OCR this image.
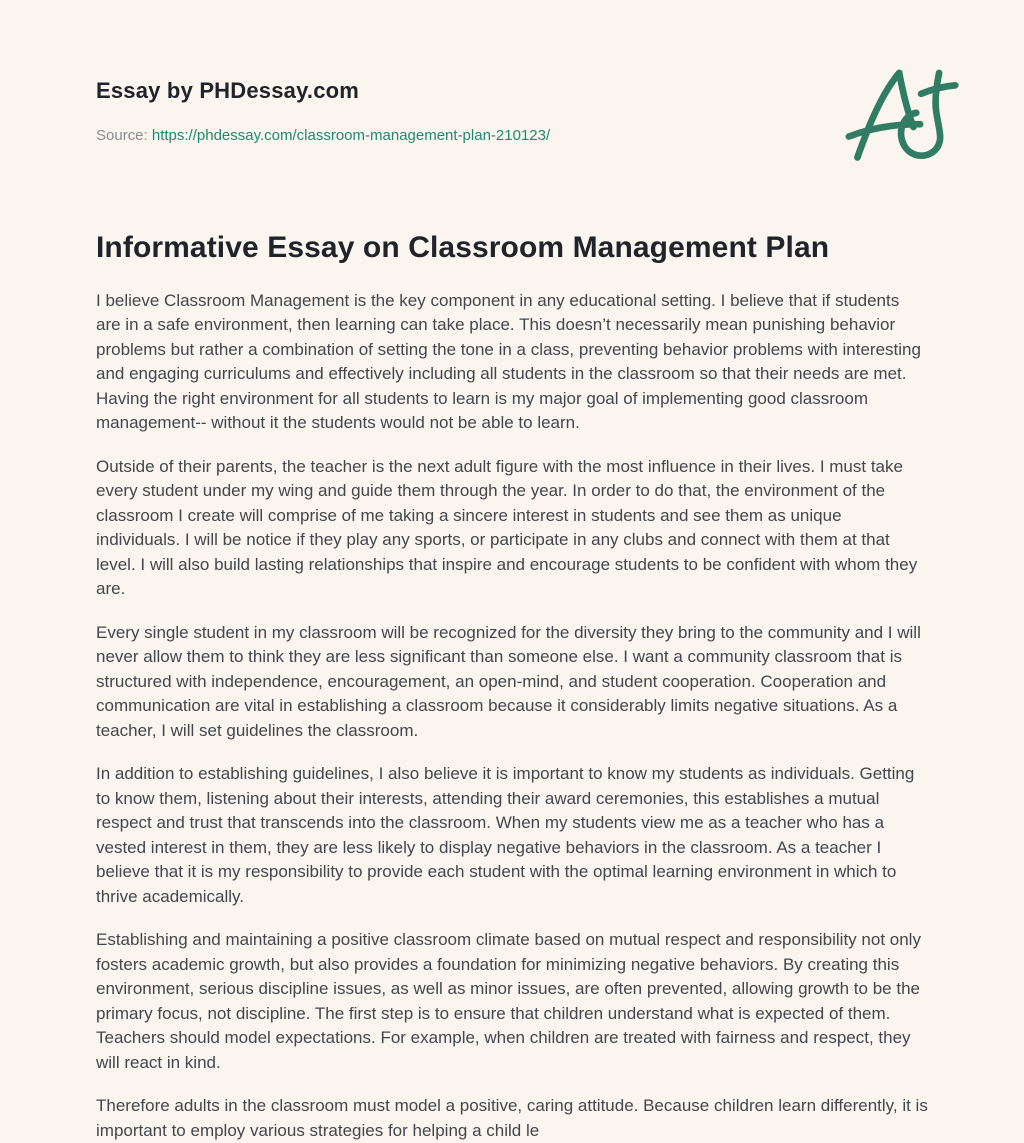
Essay by PHDessay.com

Source: https://phdessay.com/classroom-management-plan-210123/

Informative Essay on Classroom Management Plan

I believe Classroom Management is the key component in any educational setting. I believe that if students are in a safe environment, then learning can take place. This doesn’t necessarily mean punishing behavior problems but rather a combination of setting the tone in a class, preventing behavior problems with interesting and engaging curriculums and effectively including all students in the classroom so that their needs are met. Having the right environment for all students to learn is my major goal of implementing good classroom management-- without it the students would not be able to learn.

Outside of their parents, the teacher is the next adult figure with the most influence in their lives. I must take every student under my wing and guide them through the year. In order to do that, the environment of the classroom I create will comprise of me taking a sincere interest in students and see them as unique individuals. I will be notice if they play any sports, or participate in any clubs and connect with them at that level. I will also build lasting relationships that inspire and encourage students to be confident with whom they are.

Every single student in my classroom will be recognized for the diversity they bring to the community and I will never allow them to think they are less significant than someone else. I want a community classroom that is structured with independence, encouragement, an open-mind, and student cooperation. Cooperation and communication are vital in establishing a classroom because it considerably limits negative situations. As a teacher, I will set guidelines the classroom.

In addition to establishing guidelines, I also believe it is important to know my students as individuals. Getting to know them, listening about their interests, attending their award ceremonies, this establishes a mutual respect and trust that transcends into the classroom. When my students view me as a teacher who has a vested interest in them, they are less likely to display negative behaviors in the classroom. As a teacher I believe that it is my responsibility to provide each student with the optimal learning environment in which to thrive academically.

Establishing and maintaining a positive classroom climate based on mutual respect and responsibility not only fosters academic growth, but also provides a foundation for minimizing negative behaviors. By creating this environment, serious discipline issues, as well as minor issues, are often prevented, allowing growth to be the primary focus, not discipline. The first step is to ensure that children understand what is expected of them. Teachers should model expectations. For example, when children are treated with fairness and respect, they will react in kind.

Therefore adults in the classroom must model a positive, caring attitude. Because children learn differently, it is important to employ various strategies for helping a child le
